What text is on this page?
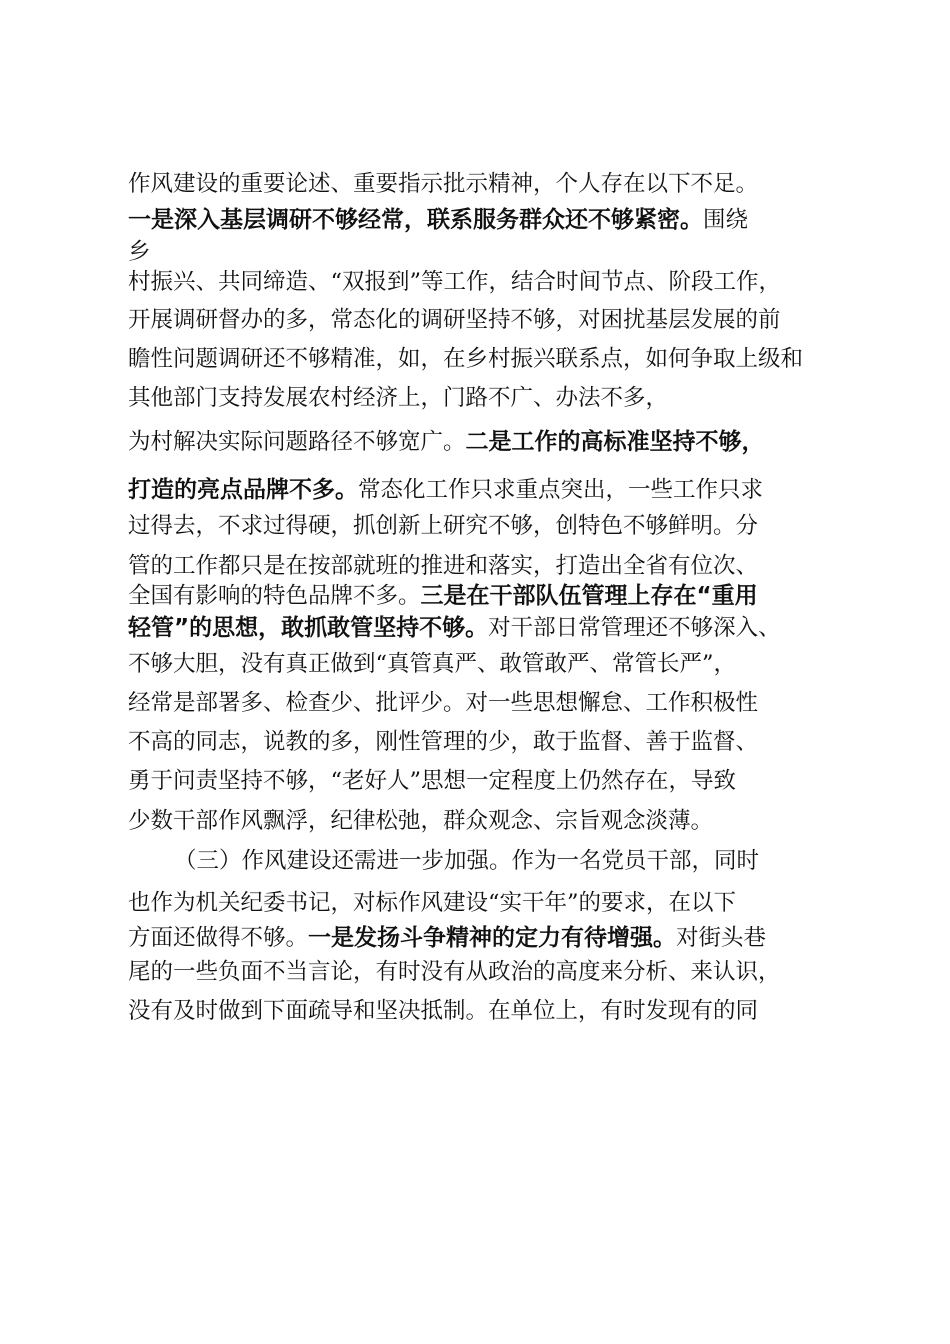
作风建设的重要论述、重要指示批示精神，个人存在以下不足。
一是深入基层调研不够经常，联系服务群众还不够紧密。围绕
乡
村振兴、共同缔造、“双报到”等工作，结合时间节点、阶段工作，
开展调研督办的多，常态化的调研坚持不够，对困扰基层发展的前
瞻性问题调研还不够精准，如，在乡村振兴联系点，如何争取上级和
其他部门支持发展农村经济上，门路不广、办法不多，
为村解决实际问题路径不够宽广。二是工作的高标准坚持不够，
打造的亮点品牌不多。常态化工作只求重点突出，一些工作只求
过得去，不求过得硬，抓创新上研究不够，创特色不够鲜明。分
管的工作都只是在按部就班的推进和落实，打造出全省有位次、
全国有影响的特色品牌不多。三是在干部队伍管理上存在“重用
轻管”的思想，敢抓敢管坚持不够。对干部日常管理还不够深入、
不够大胆，没有真正做到“真管真严、敢管敢严、常管长严”，
经常是部署多、检查少、批评少。对一些思想懈怠、工作积极性
不高的同志，说教的多，刚性管理的少，敢于监督、善于监督、
勇于问责坚持不够，“老好人”思想一定程度上仍然存在，导致
少数干部作风飘浮，纪律松弛，群众观念、宗旨观念淡薄。
（三）作风建设还需进一步加强。作为一名党员干部，同时
也作为机关纪委书记，对标作风建设“实干年”的要求，在以下
方面还做得不够。一是发扬斗争精神的定力有待增强。对街头巷
尾的一些负面不当言论，有时没有从政治的高度来分析、来认识，
没有及时做到下面疏导和坚决抵制。在单位上，有时发现有的同
